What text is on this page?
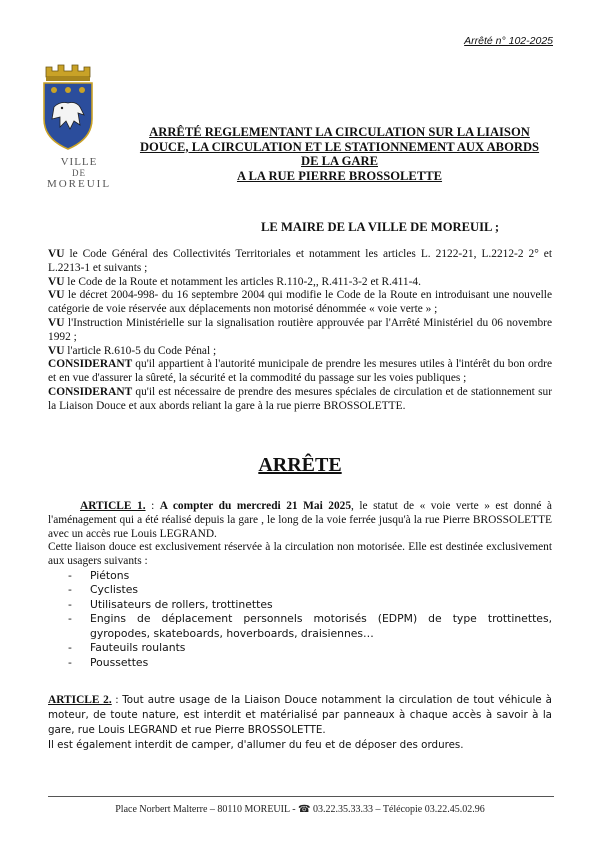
Arrêté n° 102-2025
VILLE
DE
MOREUIL
ARRÊTÉ REGLEMENTANT LA CIRCULATION SUR LA LIAISON
DOUCE, LA CIRCULATION ET LE STATIONNEMENT AUX ABORDS
DE LA GARE
A LA RUE PIERRE BROSSOLETTE
LE MAIRE DE LA VILLE DE MOREUIL ;

VU le Code Général des Collectivités Territoriales et notamment les articles L. 2122-21, L.2212-2 2° et L.2213-1 et suivants ;

VU le Code de la Route et notamment les articles R.110-2,, R.411-3-2 et R.411-4.

VU le décret 2004-998- du 16 septembre 2004 qui modifie le Code de la Route en introduisant une nouvelle catégorie de voie réservée aux déplacements non motorisé dénommée « voie verte » ;

VU l'Instruction Ministérielle sur la signalisation routière approuvée par l'Arrêté Ministériel du 06 novembre 1992 ;

VU l'article R.610-5 du Code Pénal ;

CONSIDERANT qu'il appartient à l'autorité municipale de prendre les mesures utiles à l'intérêt du bon ordre et en vue d'assurer la sûreté, la sécurité et la commodité du passage sur les voies publiques ;

CONSIDERANT qu'il est nécessaire de prendre des mesures spéciales de circulation et de stationnement sur la Liaison Douce et aux abords reliant la gare à la rue pierre BROSSOLETTE.

ARRÊTE

ARTICLE 1. : A compter du mercredi 21 Mai 2025, le statut de « voie verte » est donné à l'aménagement qui a été réalisé depuis la gare , le long de la voie ferrée jusqu'à la rue Pierre BROSSOLETTE avec un accès rue Louis LEGRAND.

Cette liaison douce est exclusivement réservée à la circulation non motorisée. Elle est destinée exclusivement aux usagers suivants :

- Piétons
- Cyclistes
- Utilisateurs de rollers, trottinettes
- Engins de déplacement personnels motorisés (EDPM) de type trottinettes, gyropodes, skateboards, hoverboards, draisiennes…
- Fauteuils roulants
- Poussettes

ARTICLE 2. : Tout autre usage de la Liaison Douce notamment la circulation de tout véhicule à moteur, de toute nature, est interdit et matérialisé par panneaux à chaque accès à savoir à la gare, rue Louis LEGRAND et rue Pierre BROSSOLETTE.

Il est également interdit de camper, d'allumer du feu et de déposer des ordures.

Place Norbert Malterre – 80110 MOREUIL - ☎ 03.22.35.33.33 – Télécopie 03.22.45.02.96
